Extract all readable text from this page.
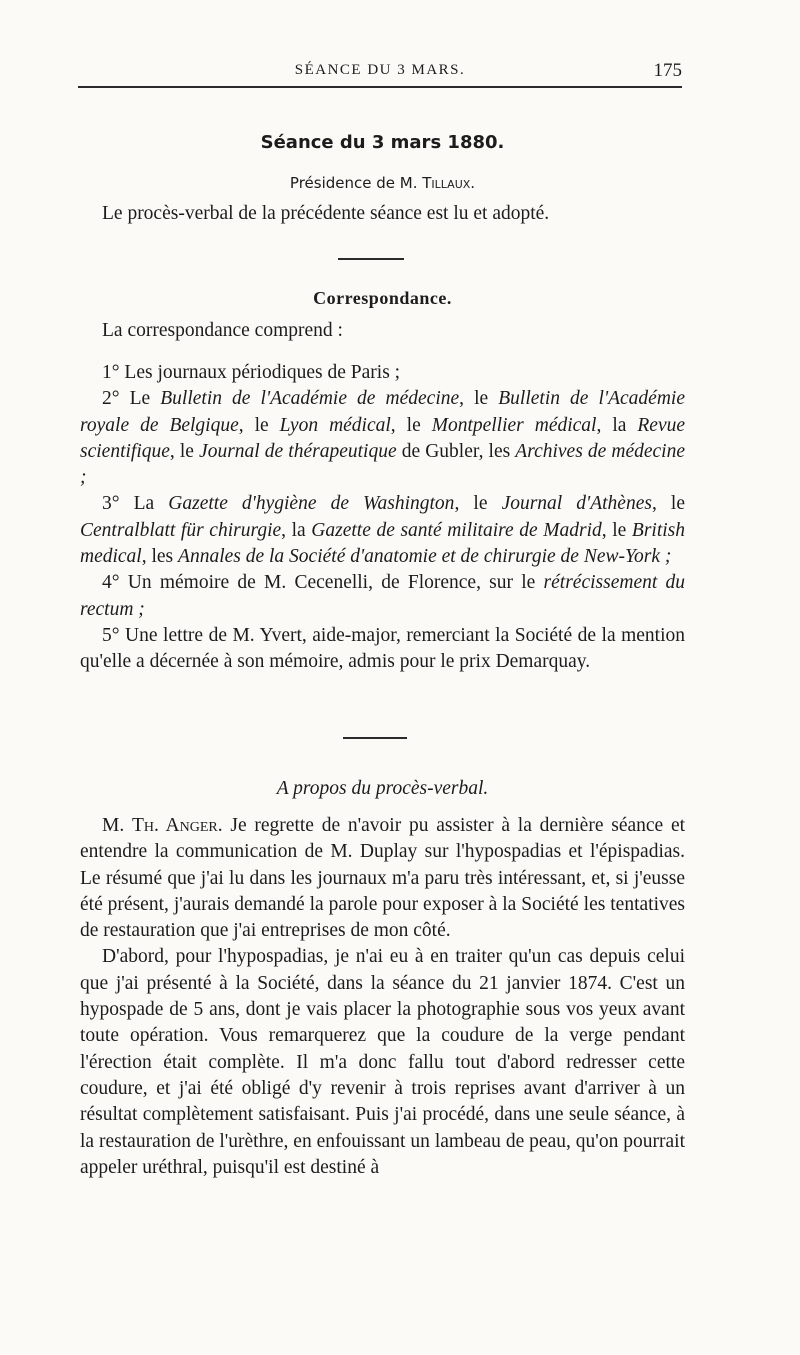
SÉANCE DU 3 MARS.	175
Séance du 3 mars 1880.
Présidence de M. Tillaux.
Le procès-verbal de la précédente séance est lu et adopté.
Correspondance.
La correspondance comprend :

1° Les journaux périodiques de Paris ;

2° Le Bulletin de l'Académie de médecine, le Bulletin de l'Académie royale de Belgique, le Lyon médical, le Montpellier médical, la Revue scientifique, le Journal de thérapeutique de Gubler, les Archives de médecine ;

3° La Gazette d'hygiène de Washington, le Journal d'Athènes, le Centralblatt für chirurgie, la Gazette de santé militaire de Madrid, le British medical, les Annales de la Société d'anatomie et de chirurgie de New-York ;

4° Un mémoire de M. Cecenelli, de Florence, sur le rétrécissement du rectum ;

5° Une lettre de M. Yvert, aide-major, remerciant la Société de la mention qu'elle a décernée à son mémoire, admis pour le prix Demarquay.

A propos du procès-verbal.

M. Th. Anger. Je regrette de n'avoir pu assister à la dernière séance et entendre la communication de M. Duplay sur l'hypospadias et l'épispadias. Le résumé que j'ai lu dans les journaux m'a paru très intéressant, et, si j'eusse été présent, j'aurais demandé la parole pour exposer à la Société les tentatives de restauration que j'ai entreprises de mon côté.

D'abord, pour l'hypospadias, je n'ai eu à en traiter qu'un cas depuis celui que j'ai présenté à la Société, dans la séance du 21 janvier 1874. C'est un hypospade de 5 ans, dont je vais placer la photographie sous vos yeux avant toute opération. Vous remarquerez que la coudure de la verge pendant l'érection était complète. Il m'a donc fallu tout d'abord redresser cette coudure, et j'ai été obligé d'y revenir à trois reprises avant d'arriver à un résultat complètement satisfaisant. Puis j'ai procédé, dans une seule séance, à la restauration de l'urèthre, en enfouissant un lambeau de peau, qu'on pourrait appeler uréthral, puisqu'il est destiné à
